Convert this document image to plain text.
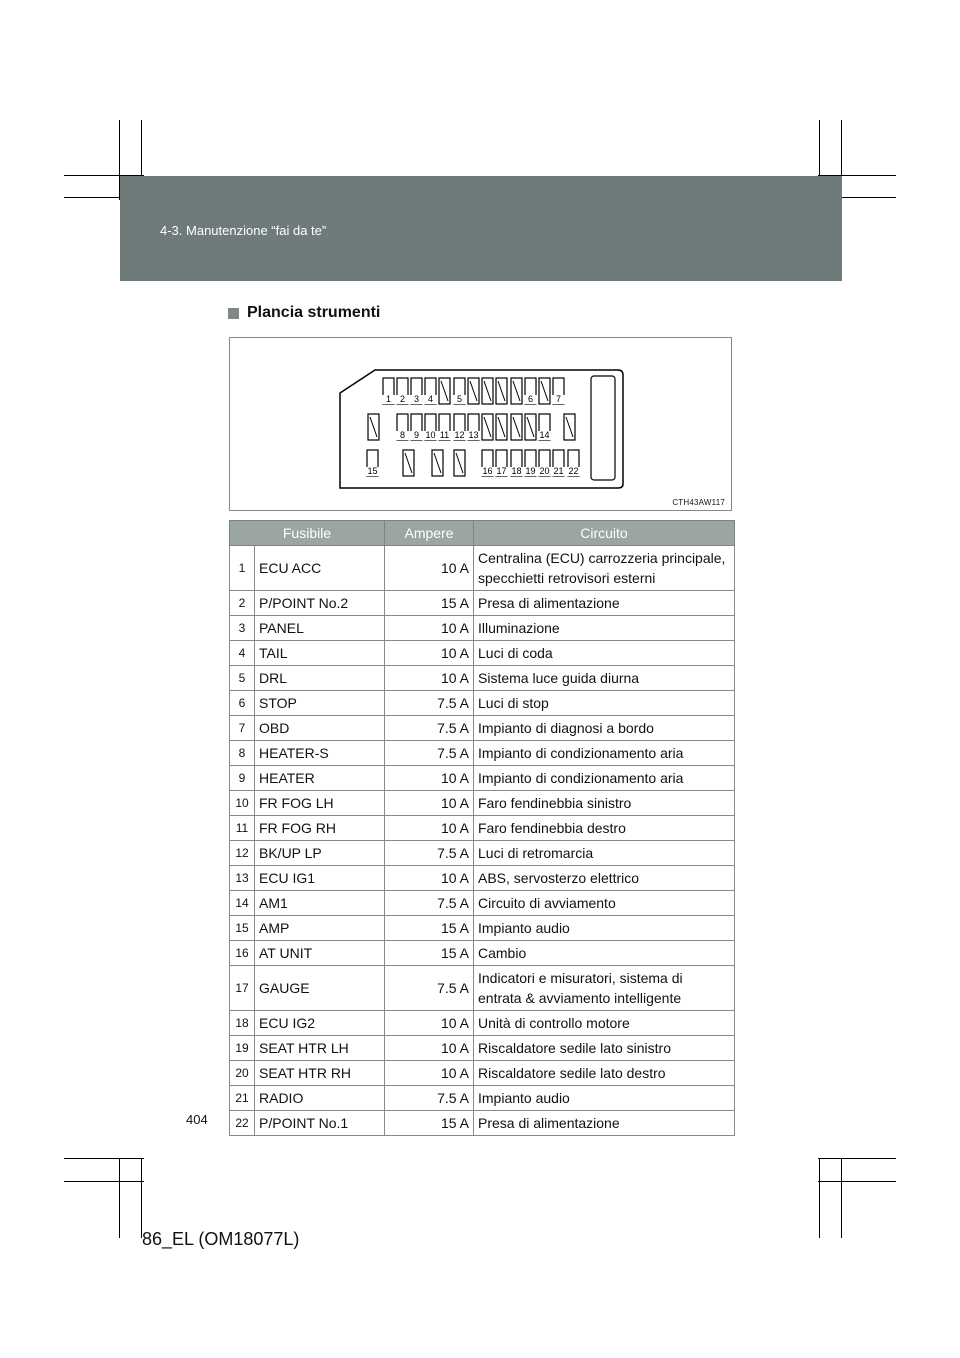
4-3. Manutenzione “fai da te”
Plancia strumenti
1 2 3 4	5	6	7
8 9 10 11 12 13	14
15	16 17 18 19 20 21 22
CTH43AW117
Fusibile		Ampere	Circuito
1	ECU ACC	10 A	Centralina (ECU) carrozzeria principale, specchietti retrovisori esterni
2	P/POINT No.2	15 A	Presa di alimentazione
3	PANEL	10 A	Illuminazione
4	TAIL	10 A	Luci di coda
5	DRL	10 A	Sistema luce guida diurna
6	STOP	7.5 A	Luci di stop
7	OBD	7.5 A	Impianto di diagnosi a bordo
8	HEATER-S	7.5 A	Impianto di condizionamento aria
9	HEATER	10 A	Impianto di condizionamento aria
10	FR FOG LH	10 A	Faro fendinebbia sinistro
11	FR FOG RH	10 A	Faro fendinebbia destro
12	BK/UP LP	7.5 A	Luci di retromarcia
13	ECU IG1	10 A	ABS, servosterzo elettrico
14	AM1	7.5 A	Circuito di avviamento
15	AMP	15 A	Impianto audio
16	AT UNIT	15 A	Cambio
17	GAUGE	7.5 A	Indicatori e misuratori, sistema di entrata & avviamento intelligente
18	ECU IG2	10 A	Unità di controllo motore
19	SEAT HTR LH	10 A	Riscaldatore sedile lato sinistro
20	SEAT HTR RH	10 A	Riscaldatore sedile lato destro
21	RADIO	7.5 A	Impianto audio
22	P/POINT No.1	15 A	Presa di alimentazione
404
86_EL (OM18077L)
